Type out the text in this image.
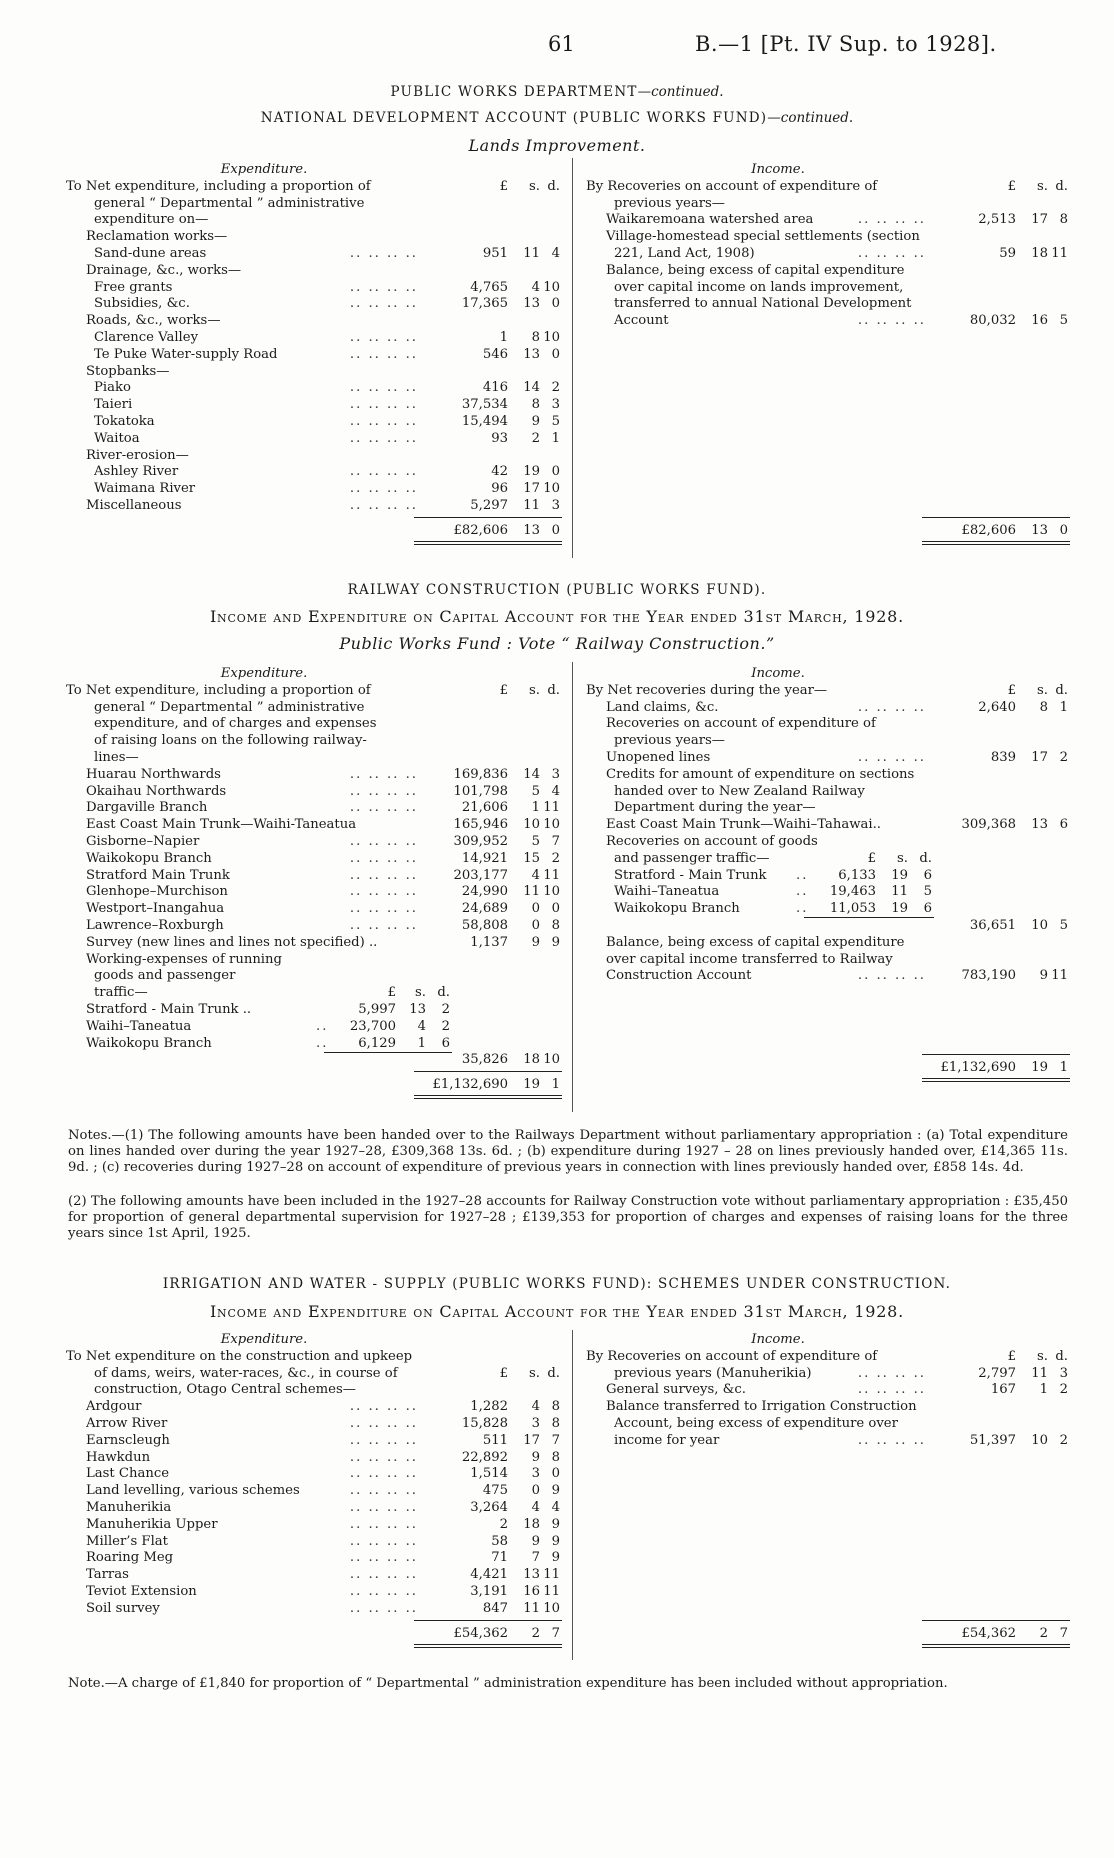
61	B.—1 [Pt. IV Sup. to 1928].
PUBLIC WORKS DEPARTMENT—continued.
NATIONAL DEVELOPMENT ACCOUNT (PUBLIC WORKS FUND)—continued.
Lands Improvement.
Expenditure.
To Net expenditure, including a proportion of	£	s. d.
general “ Departmental ” administrative
expenditure on—
Reclamation works—
Sand-dune areas	.. .. .. ..	951	11 4
Drainage, &c., works—
Free grants	.. .. .. ..	4,765	4 10
Subsidies, &c.	.. .. .. ..	17,365	13 0
Roads, &c., works—
Clarence Valley	.. .. .. ..	1	8 10
Te Puke Water-supply Road	.. .. .. ..	546	13 0
Stopbanks—
Piako	.. .. .. ..	416	14 2
Taieri	.. .. .. ..	37,534	8 3
Tokatoka	.. .. .. ..	15,494	9 5
Waitoa	.. .. .. ..	93	2 1
River-erosion—
Ashley River	.. .. .. ..	42	19 0
Waimana River	.. .. .. ..	96	17 10
Miscellaneous	.. .. .. ..	5,297	11 3
£82,606	13 0
Income.
By Recoveries on account of expenditure of	£	s. d.
previous years—
Waikaremoana watershed area	.. .. .. ..	2,513	17 8
Village-homestead special settlements (section
221, Land Act, 1908)	.. .. .. ..	59	18 11
Balance, being excess of capital expenditure
over capital income on lands improvement,
transferred to annual National Development
Account	.. .. .. ..	80,032	16 5
£82,606	13 0
RAILWAY CONSTRUCTION (PUBLIC WORKS FUND).
Income and Expenditure on Capital Account for the Year ended 31st March, 1928.
Public Works Fund : Vote “ Railway Construction.”
Expenditure.
To Net expenditure, including a proportion of	£	s. d.
general “ Departmental ” administrative
expenditure, and of charges and expenses
of raising loans on the following railway-
lines—
Huarau Northwards	.. .. .. ..	169,836	14 3
Okaihau Northwards	.. .. .. ..	101,798	5 4
Dargaville Branch	.. .. .. ..	21,606	1 11
East Coast Main Trunk—Waihi-Taneatua	165,946	10 10
Gisborne–Napier	.. .. .. ..	309,952	5 7
Waikokopu Branch	.. .. .. ..	14,921	15 2
Stratford Main Trunk	.. .. .. ..	203,177	4 11
Glenhope–Murchison	.. .. .. ..	24,990	11 10
Westport–Inangahua	.. .. .. ..	24,689	0 0
Lawrence–Roxburgh	.. .. .. ..	58,808	0 8
Survey (new lines and lines not specified) ..	1,137	9 9
Working-expenses of running
goods and passenger
traffic—	£	s. d.
Stratford - Main Trunk ..	5,997	13	2
Waihi–Taneatua	..	23,700	4	2
Waikokopu Branch	..	6,129	1	6
35,826	18 10
£1,132,690	19 1
Income.
By Net recoveries during the year—	£	s. d.
Land claims, &c.	.. .. .. ..	2,640	8 1
Recoveries on account of expenditure of
previous years—
Unopened lines	.. .. .. ..	839	17 2
Credits for amount of expenditure on sections
handed over to New Zealand Railway
Department during the year—
East Coast Main Trunk—Waihi–Tahawai..	309,368	13 6
Recoveries on account of goods
and passenger traffic—	£	s. d.
Stratford - Main Trunk ..	6,133	19	6
Waihi–Taneatua	..	19,463	11	5
Waikokopu Branch	..	11,053	19	6
36,651	10 5
Balance, being excess of capital expenditure
over capital income transferred to Railway
Construction Account	.. .. .. ..	783,190	9 11
£1,132,690	19 1
Notes.—(1) The following amounts have been handed over to the Railways Department without parliamentary appropriation : (a) Total expenditure on lines handed over during the year 1927–28, £309,368 13s. 6d. ; (b) expenditure during 1927 – 28 on lines previously handed over, £14,365 11s. 9d. ; (c) recoveries during 1927–28 on account of expenditure of previous years in connection with lines previously handed over, £858 14s. 4d.
(2) The following amounts have been included in the 1927–28 accounts for Railway Construction vote without parliamentary appropriation : £35,450 for proportion of general departmental supervision for 1927–28 ; £139,353 for proportion of charges and expenses of raising loans for the three years since 1st April, 1925.
IRRIGATION AND WATER - SUPPLY (PUBLIC WORKS FUND): SCHEMES UNDER CONSTRUCTION.
Income and Expenditure on Capital Account for the Year ended 31st March, 1928.
Expenditure.
To Net expenditure on the construction and upkeep
of dams, weirs, water-races, &c., in course of	£	s. d.
construction, Otago Central schemes—
Ardgour	.. .. .. ..	1,282	4 8
Arrow River	.. .. .. ..	15,828	3 8
Earnscleugh	.. .. .. ..	511	17 7
Hawkdun	.. .. .. ..	22,892	9 8
Last Chance	.. .. .. ..	1,514	3 0
Land levelling, various schemes	.. .. .. ..	475	0 9
Manuherikia	.. .. .. ..	3,264	4 4
Manuherikia Upper	.. .. .. ..	2	18 9
Miller’s Flat	.. .. .. ..	58	9 9
Roaring Meg	.. .. .. ..	71	7 9
Tarras	.. .. .. ..	4,421	13 11
Teviot Extension	.. .. .. ..	3,191	16 11
Soil survey	.. .. .. ..	847	11 10
£54,362	2 7
Income.
By Recoveries on account of expenditure of	£	s. d.
previous years (Manuherikia)	.. .. .. ..	2,797	11 3
General surveys, &c.	.. .. .. ..	167	1 2
Balance transferred to Irrigation Construction
Account, being excess of expenditure over
income for year	.. .. .. ..	51,397	10 2
£54,362	2 7
Note.—A charge of £1,840 for proportion of “ Departmental ” administration expenditure has been included without appropriation.
